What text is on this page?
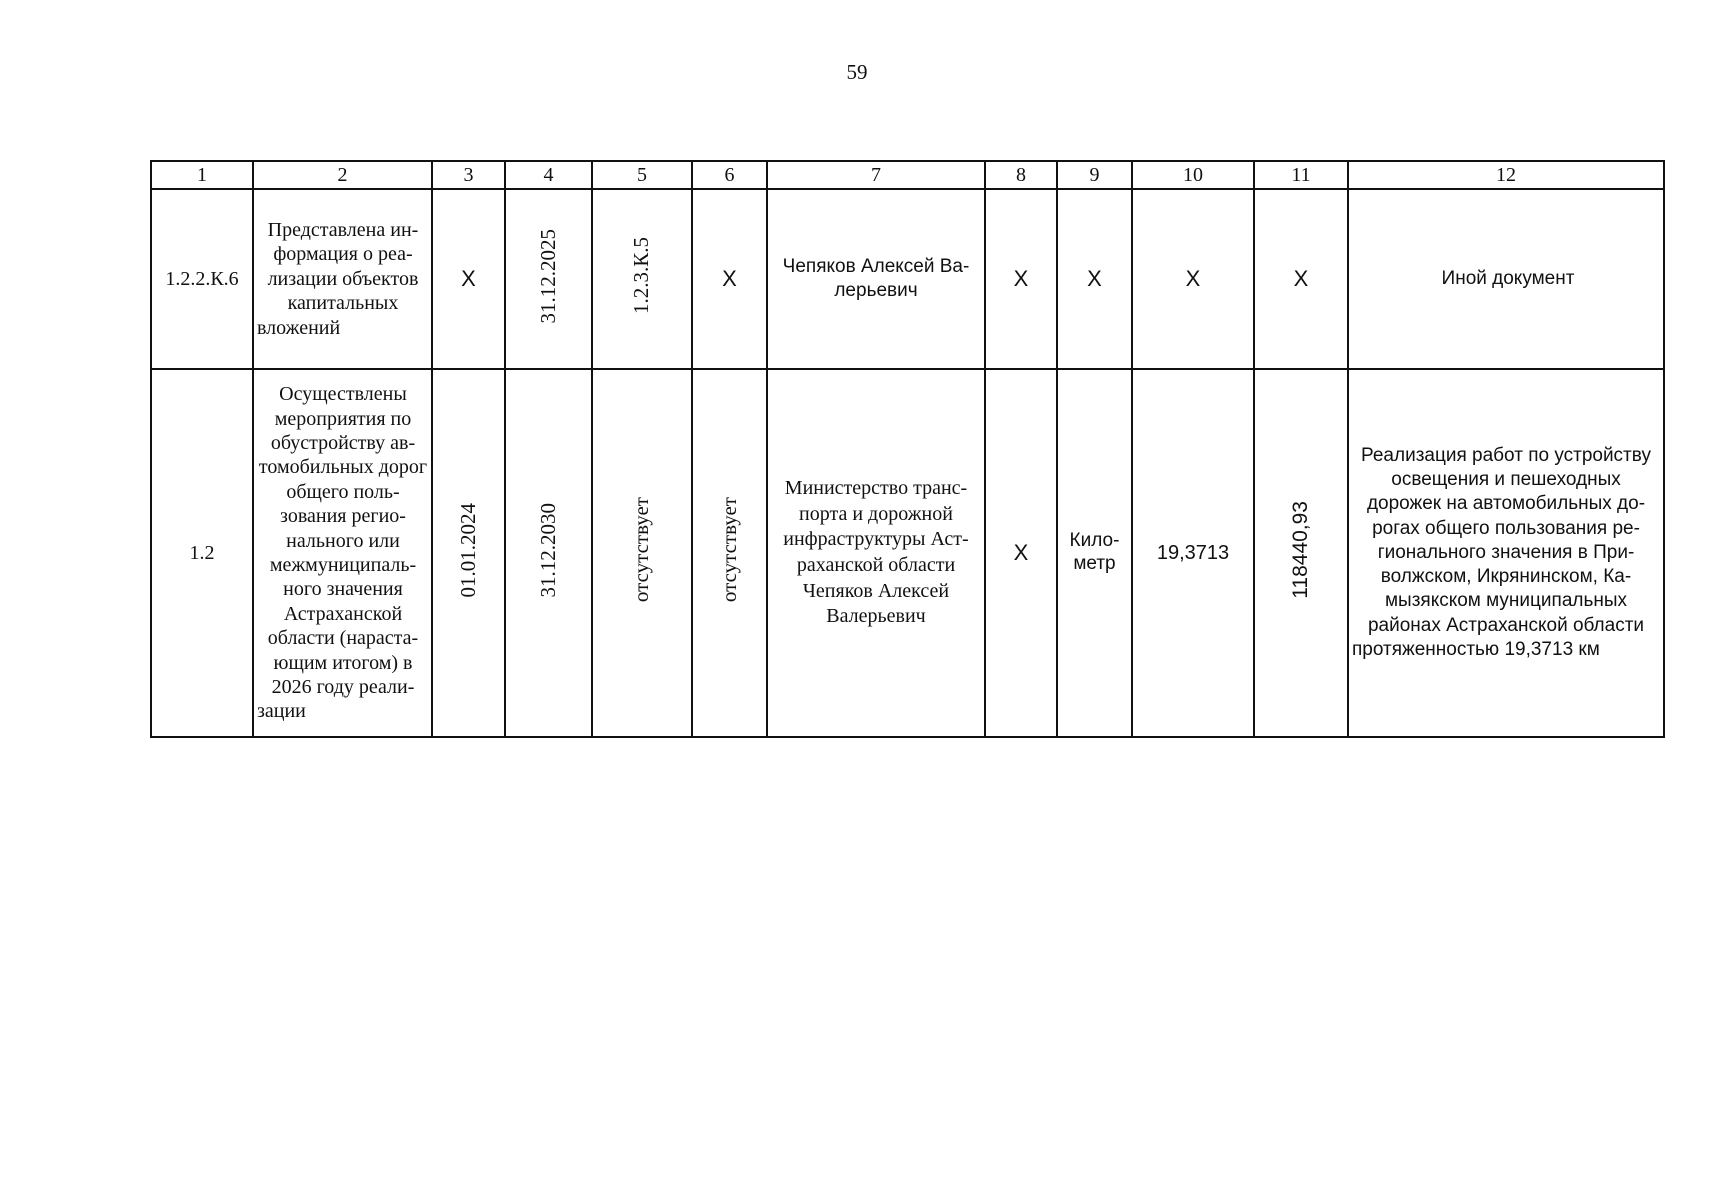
59
1	2	3	4	5	6	7	8	9	10	11	12
1.2.2.К.6	Представлена информация о реализации объектов капитальных вложений	X	31.12.2025	1.2.3.К.5	X	Чепяков Алексей Валерьевич	X	X	X	X	Иной документ
1.2	Осуществлены мероприятия по обустройству автомобильных дорог общего пользования регионального или межмуниципального значения Астраханской области (нарастающим итогом) в 2026 году реализации	01.01.2024	31.12.2030	отсутствует	отсутствует	Министерство транспорта и дорожной инфраструктуры Астраханской области Чепяков Алексей Валерьевич	X	Километр	19,3713	118440,93	Реализация работ по устройству освещения и пешеходных дорожек на автомобильных дорогах общего пользования регионального значения в Приволжском, Икрянинском, Камызякском муниципальных районах Астраханской области протяженностью 19,3713 км
